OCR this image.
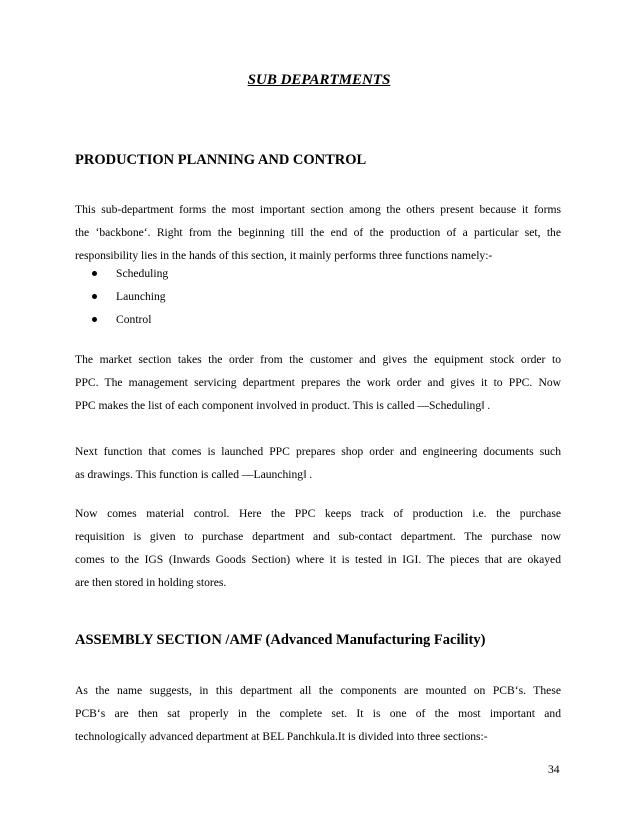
SUB DEPARTMENTS
PRODUCTION PLANNING AND CONTROL
This sub-department forms the most important section among the others present because it forms
the ‘backbone‘. Right from the beginning till the end of the production of a particular set, the
responsibility lies in the hands of this section, it mainly performs three functions namely:-
Scheduling
Launching
Control
The market section takes the order from the customer and gives the equipment stock order to
PPC. The management servicing department prepares the work order and gives it to PPC. Now
PPC makes the list of each component involved in product. This is called ―Scheduling‖ .
Next function that comes is launched PPC prepares shop order and engineering documents such
as drawings. This function is called ―Launching‖ .
Now comes material control. Here the PPC keeps track of production i.e. the purchase
requisition is given to purchase department and sub-contact department. The purchase now
comes to the IGS (Inwards Goods Section) where it is tested in IGI. The pieces that are okayed
are then stored in holding stores.
ASSEMBLY SECTION /AMF (Advanced Manufacturing Facility)
As the name suggests, in this department all the components are mounted on PCB‘s. These
PCB‘s are then sat properly in the complete set. It is one of the most important and
technologically advanced department at BEL Panchkula.It is divided into three sections:-
34
